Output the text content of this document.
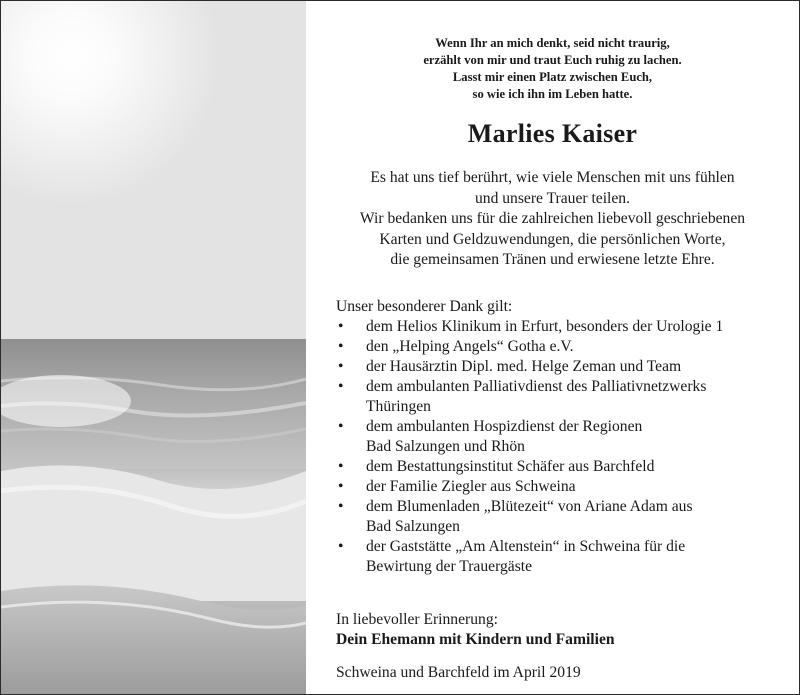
Wenn Ihr an mich denkt, seid nicht traurig,
erzählt von mir und traut Euch ruhig zu lachen.
Lasst mir einen Platz zwischen Euch,
so wie ich ihn im Leben hatte.
Marlies Kaiser
Es hat uns tief berührt, wie viele Menschen mit uns fühlen
und unsere Trauer teilen.
Wir bedanken uns für die zahlreichen liebevoll geschriebenen
Karten und Geldzuwendungen, die persönlichen Worte,
die gemeinsamen Tränen und erwiesene letzte Ehre.
Unser besonderer Dank gilt:
• dem Helios Klinikum in Erfurt, besonders der Urologie 1
• den „Helping Angels“ Gotha e.V.
• der Hausärztin Dipl. med. Helge Zeman und Team
• dem ambulanten Palliativdienst des Palliativnetzwerks
Thüringen
• dem ambulanten Hospizdienst der Regionen
Bad Salzungen und Rhön
• dem Bestattungsinstitut Schäfer aus Barchfeld
• der Familie Ziegler aus Schweina
• dem Blumenladen „Blütezeit“ von Ariane Adam aus
Bad Salzungen
• der Gaststätte „Am Altenstein“ in Schweina für die
Bewirtung der Trauergäste
In liebevoller Erinnerung:
Dein Ehemann mit Kindern und Familien
Schweina und Barchfeld im April 2019
